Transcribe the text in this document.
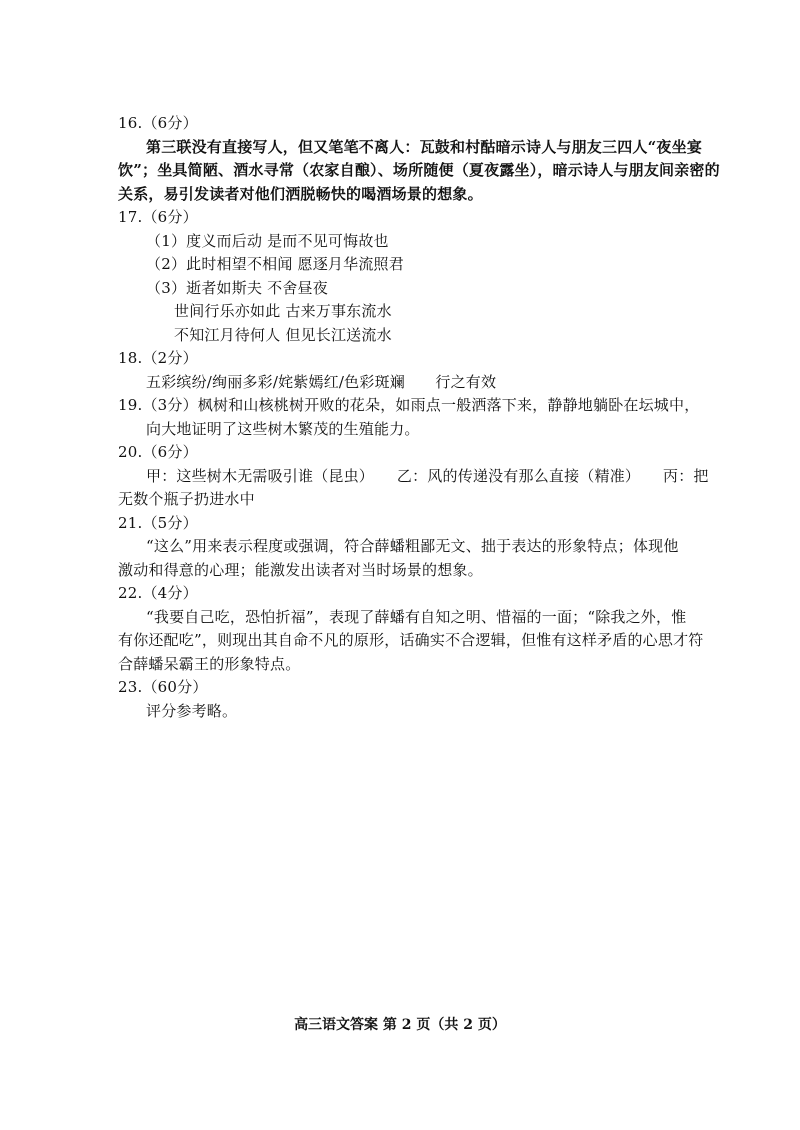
16.（6分）
第三联没有直接写人，但又笔笔不离人：瓦鼓和村酤暗示诗人与朋友三四人“夜坐宴
饮”；坐具简陋、酒水寻常（农家自酿）、场所随便（夏夜露坐），暗示诗人与朋友间亲密的
关系，易引发读者对他们洒脱畅快的喝酒场景的想象。
17.（6分）
（1）度义而后动 是而不见可悔故也
（2）此时相望不相闻 愿逐月华流照君
（3）逝者如斯夫 不舍昼夜
世间行乐亦如此 古来万事东流水
不知江月待何人 但见长江送流水
18.（2分）
五彩缤纷/绚丽多彩/姹紫嫣红/色彩斑斓　　行之有效
19.（3分）枫树和山核桃树开败的花朵，如雨点一般洒落下来，静静地躺卧在坛城中，
向大地证明了这些树木繁茂的生殖能力。
20.（6分）
甲：这些树木无需吸引谁（昆虫）　　乙：风的传递没有那么直接（精准）　　丙：把
无数个瓶子扔进水中
21.（5分）
“这么”用来表示程度或强调，符合薛蟠粗鄙无文、拙于表达的形象特点；体现他
激动和得意的心理；能激发出读者对当时场景的想象。
22.（4分）
“我要自己吃，恐怕折福”，表现了薛蟠有自知之明、惜福的一面；“除我之外，惟
有你还配吃”，则现出其自命不凡的原形，话确实不合逻辑，但惟有这样矛盾的心思才符
合薛蟠呆霸王的形象特点。
23.（60分）
评分参考略。
高三语文答案 第 2 页（共 2 页）
